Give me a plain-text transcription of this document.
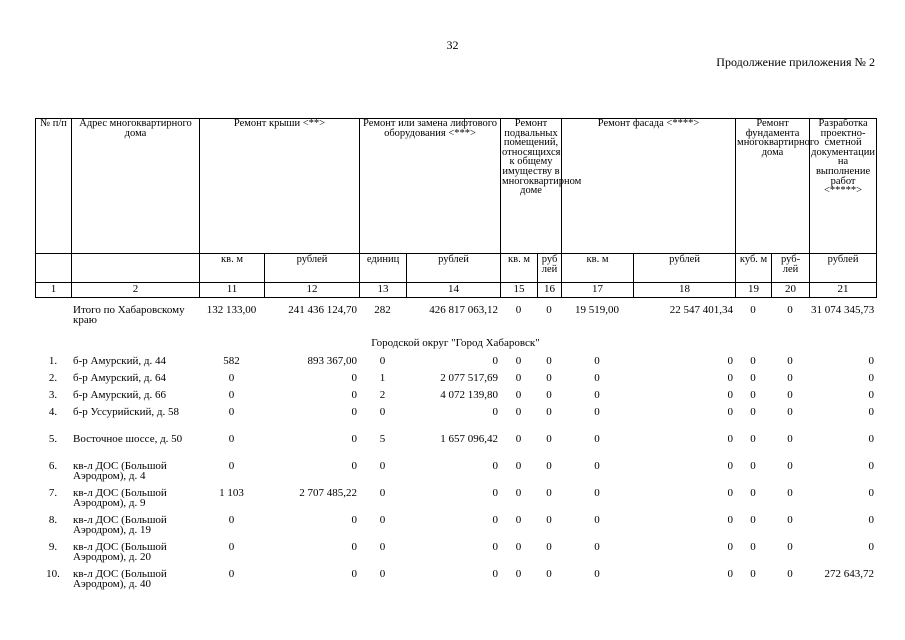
32
Продолжение приложения № 2
№ п/п	Адрес многоквартирного дома	Ремонт крыши <**>		Ремонт или замена лифтового оборудования <***>		Ремонт подвальных помещений, относящихся к общему имуществу в многоквартирном доме		Ремонт фасада <****>		Ремонт фундамента многоквартирного дома		Разработка проектно-сметной документации на выполнение работ <*****>
		кв. м	рублей	единиц	рублей	кв. м	руб лей	кв. м	рублей	куб. м	руб- лей	рублей
1	2	11	12	13	14	15	16	17	18	19	20	21
	Итого по Хабаровскому краю	132 133,00	241 436 124,70	282	426 817 063,12	0	0	19 519,00	22 547 401,34	0	0	31 074 345,73
Городской округ "Город Хабаровск"												
1.	б-р Амурский, д. 44	582	893 367,00	0	0	0	0	0	0	0	0	0
2.	б-р Амурский, д. 64	0	0	1	2 077 517,69	0	0	0	0	0	0	0
3.	б-р Амурский, д. 66	0	0	2	4 072 139,80	0	0	0	0	0	0	0
4.	б-р Уссурийский, д. 58	0	0	0	0	0	0	0	0	0	0	0
5.	Восточное шоссе, д. 50	0	0	5	1 657 096,42	0	0	0	0	0	0	0
6.	кв-л ДОС (Большой Аэродром), д. 4	0	0	0	0	0	0	0	0	0	0	0
7.	кв-л ДОС (Большой Аэродром), д. 9	1 103	2 707 485,22	0	0	0	0	0	0	0	0	0
8.	кв-л ДОС (Большой Аэродром), д. 19	0	0	0	0	0	0	0	0	0	0	0
9.	кв-л ДОС (Большой Аэродром), д. 20	0	0	0	0	0	0	0	0	0	0	0
10.	кв-л ДОС (Большой Аэродром), д. 40	0	0	0	0	0	0	0	0	0	0	272 643,72
